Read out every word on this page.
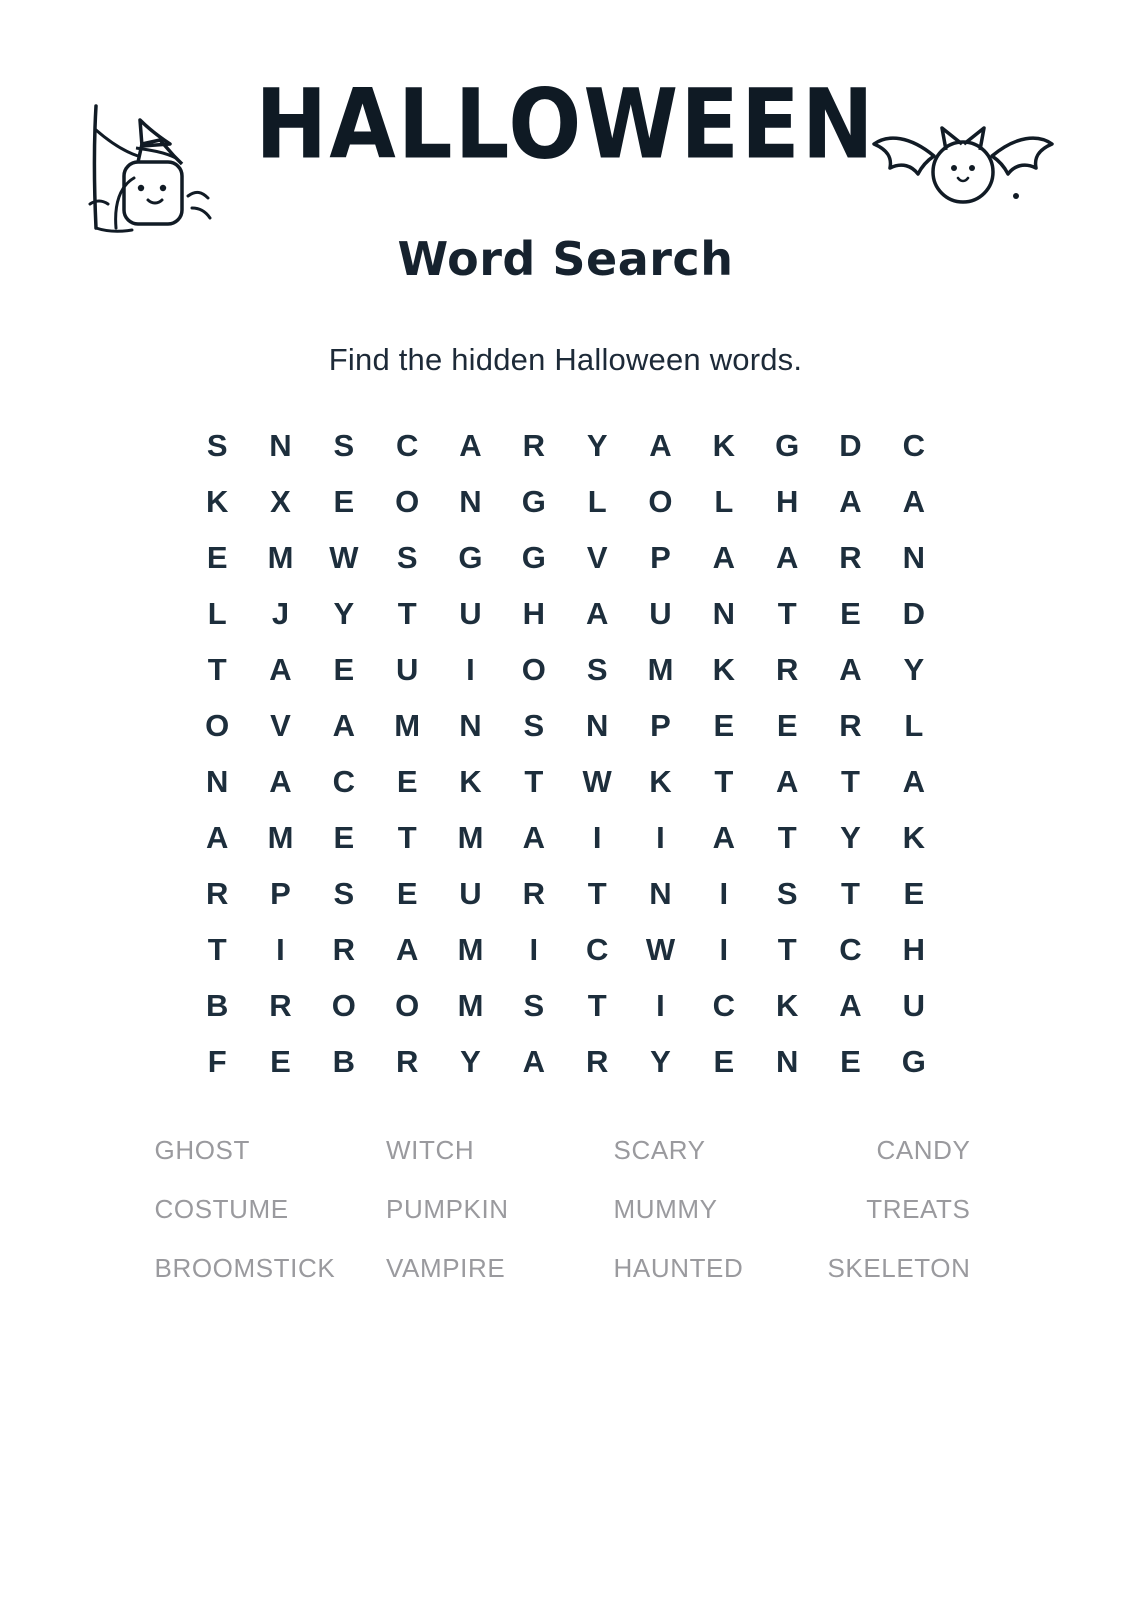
HALLOWEEN
Word Search
Find the hidden Halloween words.
S	N	S	C	A	R	Y	A	K	G	D	C
K	X	E	O	N	G	L	O	L	H	A	A
E	M	W	S	G	G	V	P	A	A	R	N
L	J	Y	T	U	H	A	U	N	T	E	D
T	A	E	U	I	O	S	M	K	R	A	Y
O	V	A	M	N	S	N	P	E	E	R	L
N	A	C	E	K	T	W	K	T	A	T	A
A	M	E	T	M	A	I	I	A	T	Y	K
R	P	S	E	U	R	T	N	I	S	T	E
T	I	R	A	M	I	C	W	I	T	C	H
B	R	O	O	M	S	T	I	C	K	A	U
F	E	B	R	Y	A	R	Y	E	N	E	G
GHOST	WITCH	SCARY	CANDY
COSTUME	PUMPKIN	MUMMY	TREATS
BROOMSTICK	VAMPIRE	HAUNTED	SKELETON
